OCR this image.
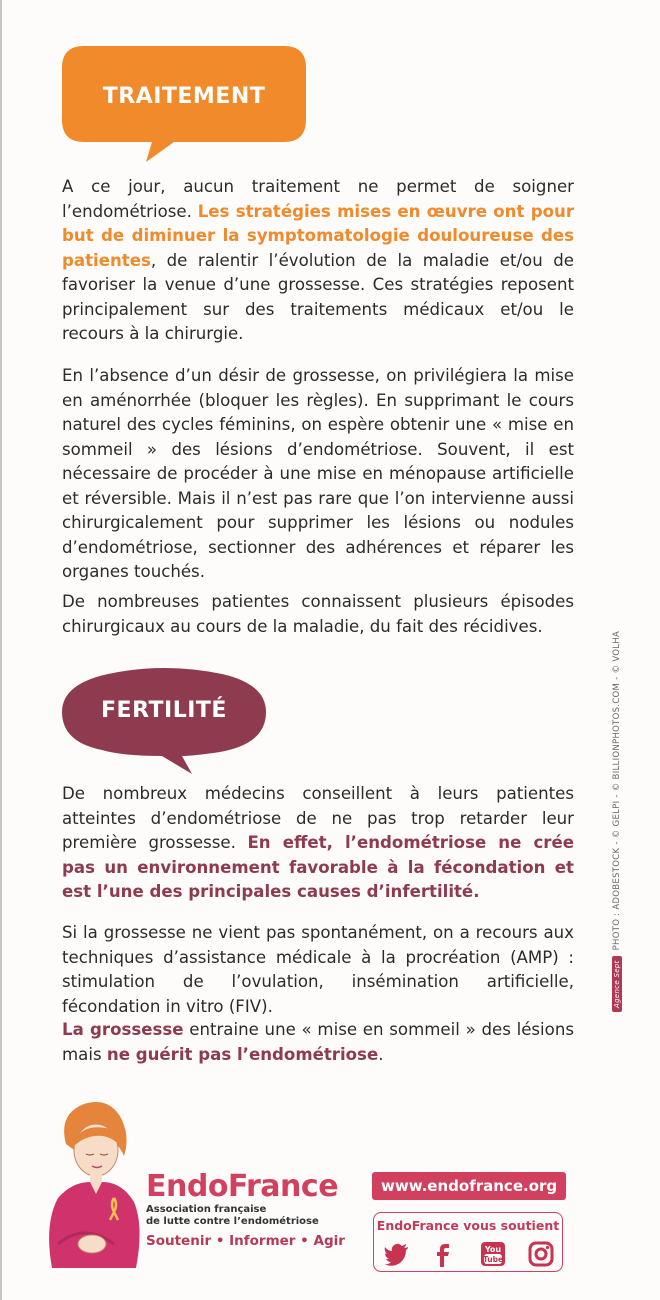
TRAITEMENT

A ce jour, aucun traitement ne permet de soigner l’endométriose. Les stratégies mises en œuvre ont pour but de diminuer la symptomatologie douloureuse des patientes, de ralentir l’évolution de la maladie et/ou de favoriser la venue d’une grossesse. Ces stratégies reposent principalement sur des traitements médicaux et/ou le recours à la chirurgie.

En l’absence d’un désir de grossesse, on privilégiera la mise en aménorrhée (bloquer les règles). En supprimant le cours naturel des cycles féminins, on espère obtenir une « mise en sommeil » des lésions d’endométriose. Souvent, il est nécessaire de procéder à une mise en ménopause artificielle et réversible. Mais il n’est pas rare que l’on intervienne aussi chirurgicalement pour supprimer les lésions ou nodules d’endométriose, sectionner des adhérences et réparer les organes touchés.

De nombreuses patientes connaissent plusieurs épisodes chirurgicaux au cours de la maladie, du fait des récidives.

FERTILITÉ

De nombreux médecins conseillent à leurs patientes atteintes d’endométriose de ne pas trop retarder leur première grossesse. En effet, l’endométriose ne crée pas un environnement favorable à la fécondation et est l’une des principales causes d’infertilité.

Si la grossesse ne vient pas spontanément, on a recours aux techniques d’assistance médicale à la procréation (AMP) : stimulation de l’ovulation, insémination artificielle, fécondation in vitro (FIV).

La grossesse entraine une « mise en sommeil » des lésions mais ne guérit pas l’endométriose.

Agence SeptPHOTO : ADOBESTOCK - © GELPI - © BILLIONPHOTOS.COM - © VOLHA
EndoFrance
Association française
de lutte contre l’endométriose
Soutenir • Informer • Agir
www.endofrance.org
EndoFrance vous soutient
You
Tube
